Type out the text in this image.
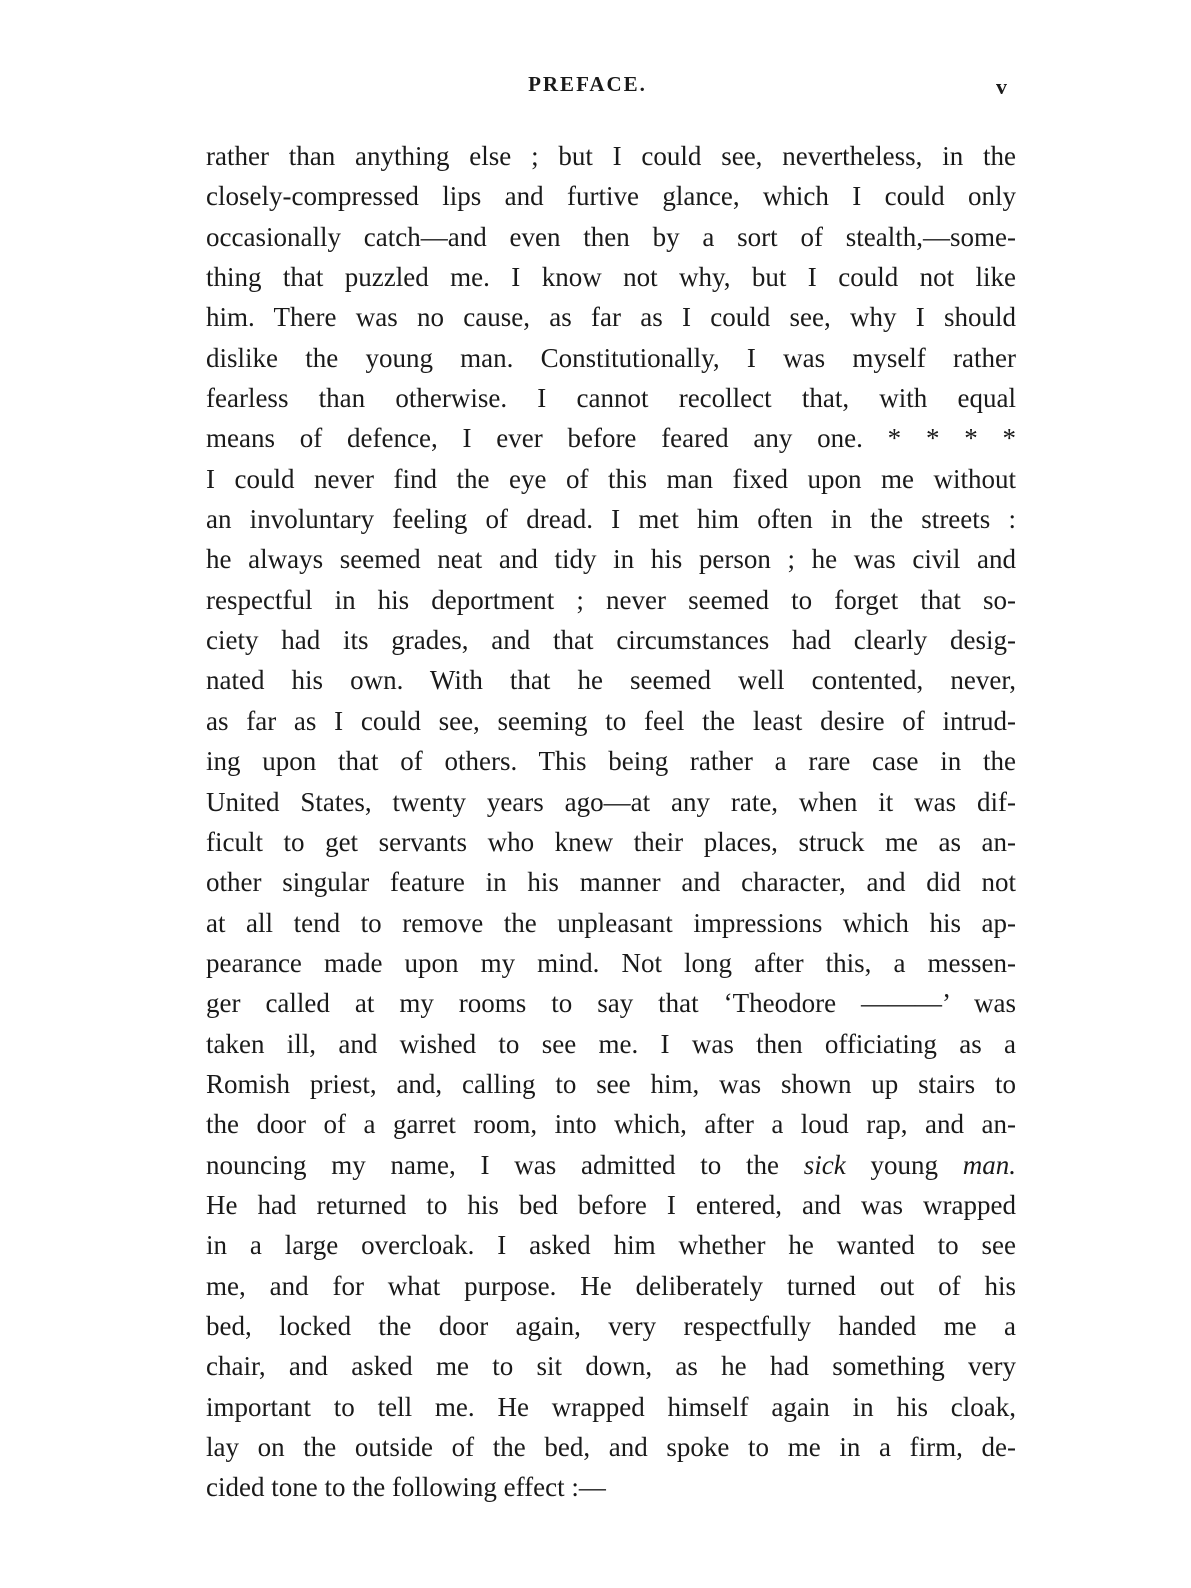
PREFACE.	v
rather than anything else ; but I could see, nevertheless, in the
closely-compressed lips and furtive glance, which I could only
occasionally catch—and even then by a sort of stealth,—some-
thing that puzzled me. I know not why, but I could not like
him. There was no cause, as far as I could see, why I should
dislike the young man. Constitutionally, I was myself rather
fearless than otherwise. I cannot recollect that, with equal
means of defence, I ever before feared any one. * * * *
I could never find the eye of this man fixed upon me without
an involuntary feeling of dread. I met him often in the streets :
he always seemed neat and tidy in his person ; he was civil and
respectful in his deportment ; never seemed to forget that so-
ciety had its grades, and that circumstances had clearly desig-
nated his own. With that he seemed well contented, never,
as far as I could see, seeming to feel the least desire of intrud-
ing upon that of others. This being rather a rare case in the
United States, twenty years ago—at any rate, when it was dif-
ficult to get servants who knew their places, struck me as an-
other singular feature in his manner and character, and did not
at all tend to remove the unpleasant impressions which his ap-
pearance made upon my mind. Not long after this, a messen-
ger called at my rooms to say that ‘Theodore ———’ was
taken ill, and wished to see me. I was then officiating as a
Romish priest, and, calling to see him, was shown up stairs to
the door of a garret room, into which, after a loud rap, and an-
nouncing my name, I was admitted to the sick young man.
He had returned to his bed before I entered, and was wrapped
in a large overcloak. I asked him whether he wanted to see
me, and for what purpose. He deliberately turned out of his
bed, locked the door again, very respectfully handed me a
chair, and asked me to sit down, as he had something very
important to tell me. He wrapped himself again in his cloak,
lay on the outside of the bed, and spoke to me in a firm, de-
cided tone to the following effect :—
